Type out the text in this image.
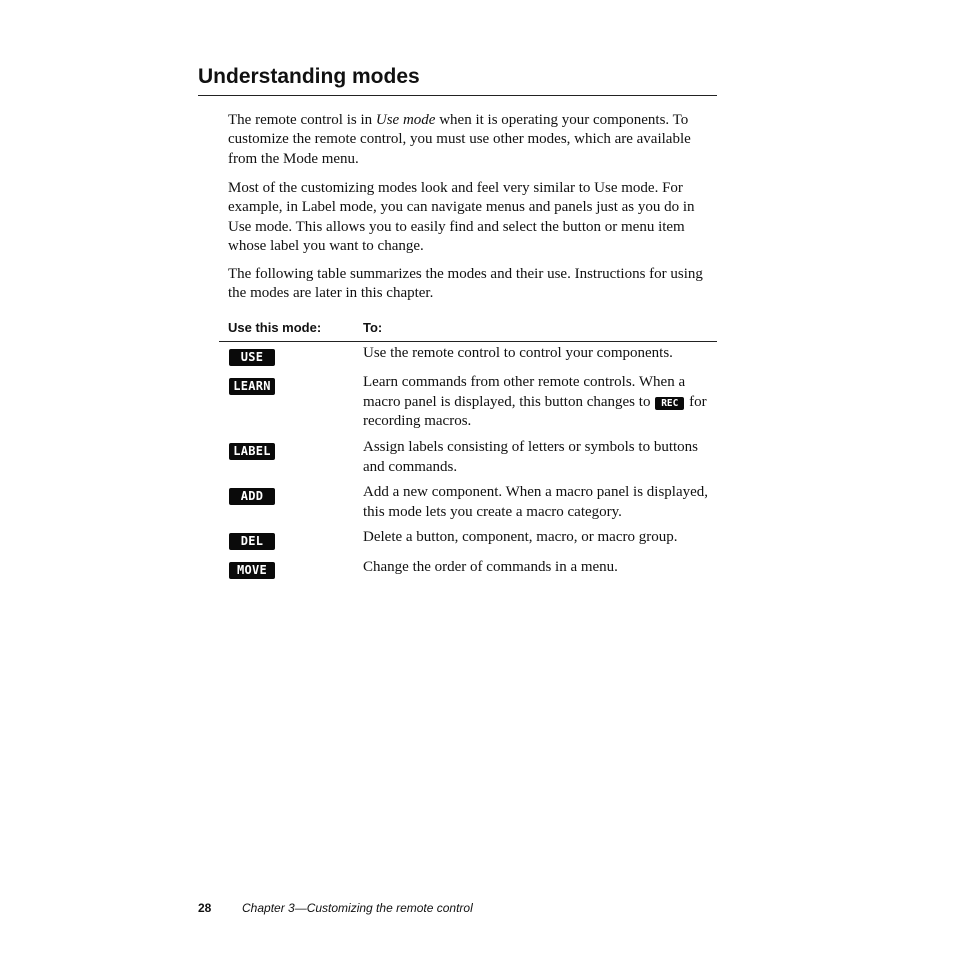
Understanding modes

The remote control is in Use mode when it is operating your components. To customize the remote control, you must use other modes, which are available from the Mode menu.

Most of the customizing modes look and feel very similar to Use mode. For example, in Label mode, you can navigate menus and panels just as you do in Use mode. This allows you to easily find and select the button or menu item whose label you want to change.

The following table summarizes the modes and their use. Instructions for using the modes are later in this chapter.

Use this mode:	To:

USE	Use the remote control to control your components.

LEARN	Learn commands from other remote controls. When a macro panel is displayed, this button changes to REC for recording macros.

LABEL	Assign labels consisting of letters or symbols to buttons and commands.

ADD	Add a new component. When a macro panel is displayed, this mode lets you create a macro category.

DEL	Delete a button, component, macro, or macro group.

MOVE	Change the order of commands in a menu.

28	Chapter 3—Customizing the remote control
